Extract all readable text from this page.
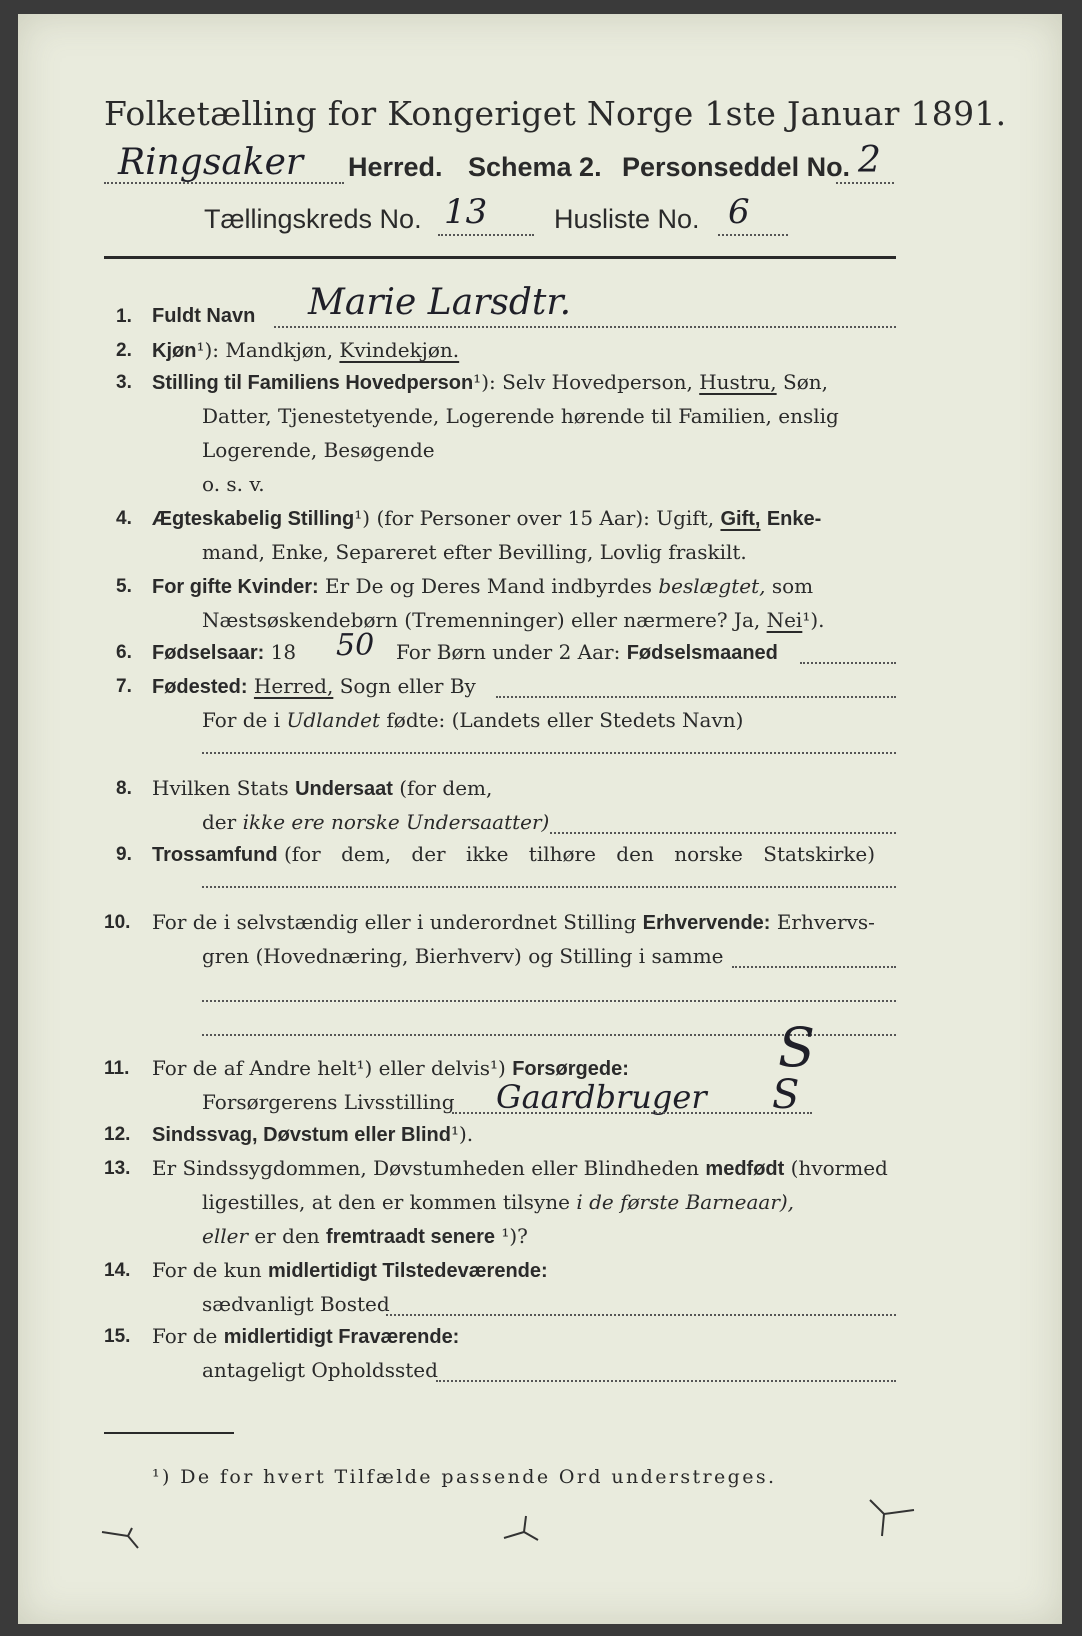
Folketælling for Kongeriget Norge 1ste Januar 1891.
Ringsaker Herred. Schema 2. Personseddel No. 2
Tællingskreds No. 13 Husliste No. 6
1. Fuldt Navn Marie Larsdtr.
2. Kjøn¹): Mandkjøn, Kvindekjøn.
3. Stilling til Familiens Hovedperson¹): Selv Hovedperson, Hustru, Søn,
Datter, Tjenestetyende, Logerende hørende til Familien, enslig
Logerende, Besøgende
o. s. v.
4. Ægteskabelig Stilling¹) (for Personer over 15 Aar): Ugift, Gift, Enke-
mand, Enke, Separeret efter Bevilling, Lovlig fraskilt.
5. For gifte Kvinder: Er De og Deres Mand indbyrdes beslægtet, som
Næstsøskendebørn (Tremenninger) eller nærmere? Ja, Nei¹).
6. Fødselsaar: 18 50 For Børn under 2 Aar: Fødselsmaaned
7. Fødested: Herred, Sogn eller By
For de i Udlandet fødte: (Landets eller Stedets Navn)
8. Hvilken Stats Undersaat (for dem,
der ikke ere norske Undersaatter)
9. Trossamfund (for dem, der ikke tilhøre den norske Statskirke)
10. For de i selvstændig eller i underordnet Stilling Erhvervende: Erhvervs-
gren (Hovednæring, Bierhverv) og Stilling i samme
11. For de af Andre helt¹) eller delvis¹) Forsørgede:	S
Forsørgerens Livsstilling Gaardbruger S
12. Sindssvag, Døvstum eller Blind¹).
13. Er Sindssygdommen, Døvstumheden eller Blindheden medfødt (hvormed
ligestilles, at den er kommen tilsyne i de første Barneaar),
eller er den fremtraadt senere ¹)?
14. For de kun midlertidigt Tilstedeværende:
sædvanligt Bosted
15. For de midlertidigt Fraværende:
antageligt Opholdssted
¹) De for hvert Tilfælde passende Ord understreges.
